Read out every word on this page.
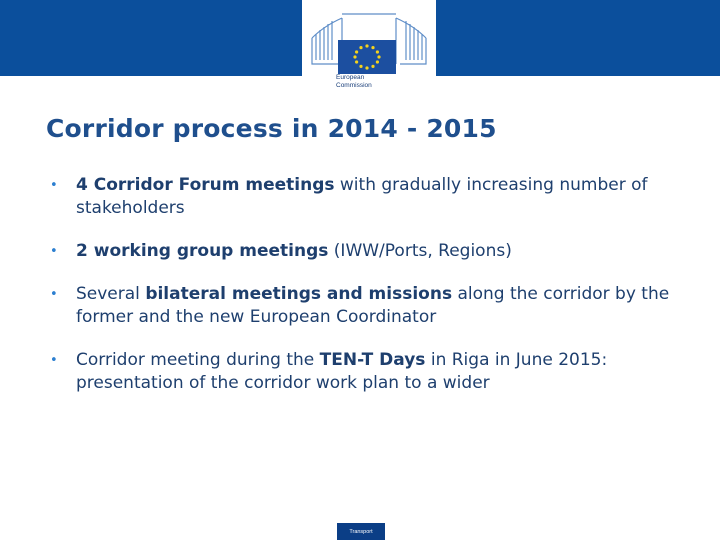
European
Commission
Corridor process in 2014 - 2015
• 4 Corridor Forum meetings with gradually increasing number of stakeholders
• 2 working group meetings (IWW/Ports, Regions)
• Several bilateral meetings and missions along the corridor by the former and the new European Coordinator
• Corridor meeting during the TEN-T Days in Riga in June 2015: presentation of the corridor work plan to a wider
Transport
